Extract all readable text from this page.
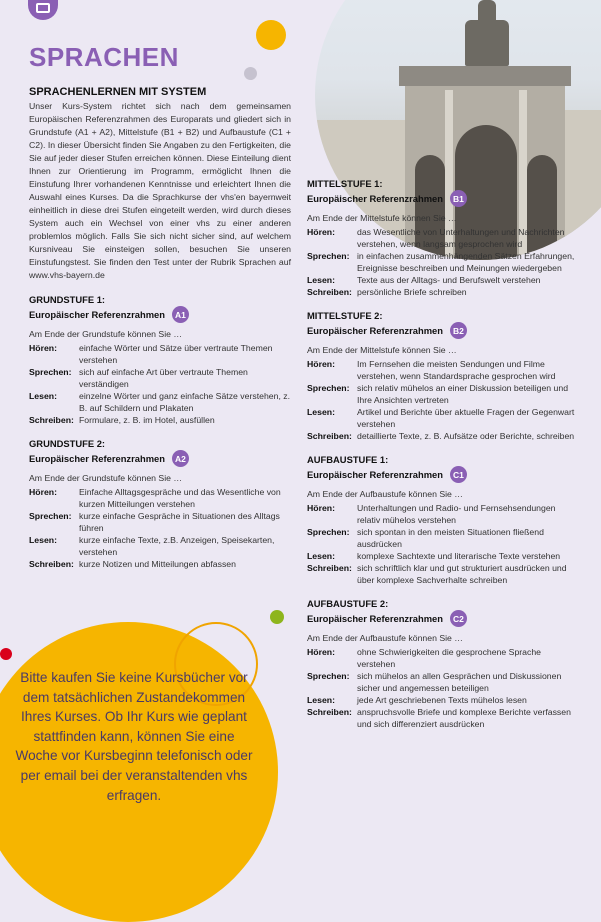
SPRACHEN

SPRACHENLERNEN MIT SYSTEM

Unser Kurs-System richtet sich nach dem gemeinsamen Europäischen Referenzrahmen des Europarats und gliedert sich in Grundstufe (A1 + A2), Mittelstufe (B1 + B2) und Aufbaustufe (C1 + C2). In dieser Übersicht finden Sie Angaben zu den Fertigkeiten, die Sie auf jeder dieser Stufen erreichen können. Diese Einteilung dient Ihnen zur Orientierung im Programm, ermöglicht Ihnen die Einstufung Ihrer vorhandenen Kenntnisse und erleichtert Ihnen die Auswahl eines Kurses. Da die Sprachkurse der vhs'en bayernweit einheitlich in diese drei Stufen eingeteilt werden, wird durch dieses System auch ein Wechsel von einer vhs zu einer anderen problemlos möglich. Falls Sie sich nicht sicher sind, auf welchem Kursniveau Sie einsteigen sollen, besuchen Sie unseren Einstufungstest. Sie finden den Test unter der Rubrik Sprachen auf www.vhs-bayern.de

GRUNDSTUFE 1:
Europäischer Referenzrahmen	A1
Am Ende der Grundstufe können Sie …
Hören:	einfache Wörter und Sätze über vertraute Themen verstehen
Sprechen: sich auf einfache Art über vertraute Themen verständigen
Lesen:	einzelne Wörter und ganz einfache Sätze verstehen, z. B. auf Schildern und Plakaten
Schreiben: Formulare, z. B. im Hotel, ausfüllen
GRUNDSTUFE 2:
Europäischer Referenzrahmen	A2
Am Ende der Grundstufe können Sie …
Hören:	Einfache Alltagsgespräche und das Wesentliche von kurzen Mitteilungen verstehen
Sprechen: kurze einfache Gespräche in Situationen des Alltags führen
Lesen:	kurze einfache Texte, z.B. Anzeigen, Speisekarten, verstehen
Schreiben: kurze Notizen und Mitteilungen abfassen
MITTELSTUFE 1:
Europäischer Referenzrahmen	B1
Am Ende der Mittelstufe können Sie …
Hören:	das Wesentliche von Unterhaltungen und Nachrichten verstehen, wenn langsam gesprochen wird
Sprechen: in einfachen zusammenhängenden Sätzen Erfahrungen, Ereignisse beschreiben und Meinungen wiedergeben
Lesen:	Texte aus der Alltags- und Berufswelt verstehen
Schreiben: persönliche Briefe schreiben
MITTELSTUFE 2:
Europäischer Referenzrahmen	B2
Am Ende der Mittelstufe können Sie …
Hören:	Im Fernsehen die meisten Sendungen und Filme verstehen, wenn Standardsprache gesprochen wird
Sprechen: sich relativ mühelos an einer Diskussion beteiligen und Ihre Ansichten vertreten
Lesen:	Artikel und Berichte über aktuelle Fragen der Gegenwart verstehen
Schreiben: detaillierte Texte, z. B. Aufsätze oder Berichte, schreiben
AUFBAUSTUFE 1:
Europäischer Referenzrahmen	C1
Am Ende der Aufbaustufe können Sie …
Hören:	Unterhaltungen und Radio- und Fernsehsendungen relativ mühelos verstehen
Sprechen: sich spontan in den meisten Situationen fließend ausdrücken
Lesen:	komplexe Sachtexte und literarische Texte verstehen
Schreiben: sich schriftlich klar und gut strukturiert ausdrücken und über komplexe Sachverhalte schreiben
AUFBAUSTUFE 2:
Europäischer Referenzrahmen	C2
Am Ende der Aufbaustufe können Sie …
Hören:	ohne Schwierigkeiten die gesprochene Sprache verstehen
Sprechen: sich mühelos an allen Gesprächen und Diskussionen sicher und angemessen beteiligen
Lesen:	jede Art geschriebenen Texts mühelos lesen
Schreiben: anspruchsvolle Briefe und komplexe Berichte verfassen und sich differenziert ausdrücken
Bitte kaufen Sie keine Kursbücher vor dem tatsächlichen Zustandekommen Ihres Kurses. Ob Ihr Kurs wie geplant stattfinden kann, können Sie eine Woche vor Kursbeginn telefonisch oder per email bei der veranstaltenden vhs erfragen.
